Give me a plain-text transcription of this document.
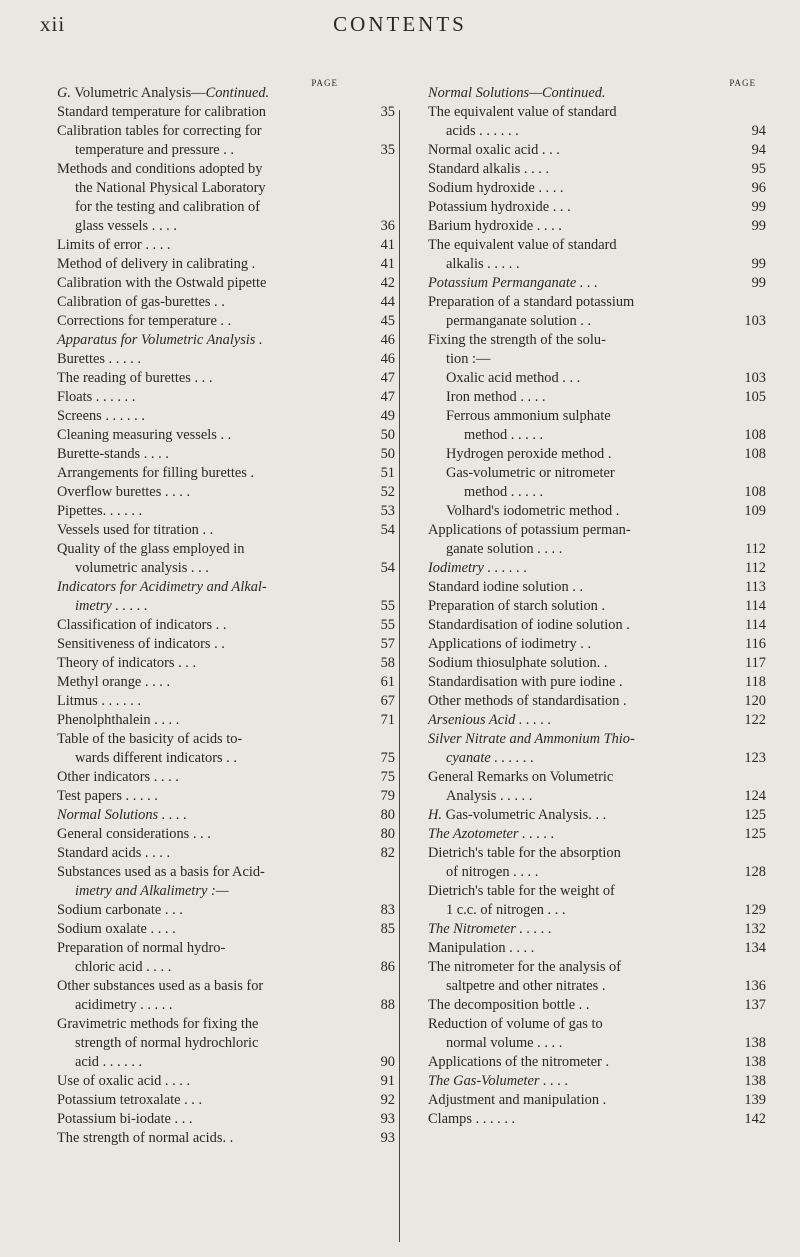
xii	CONTENTS
PAGE
G. Volumetric Analysis—Continued.
Standard temperature for calibration	35
Calibration tables for correcting for
temperature and pressure . .	35
Methods and conditions adopted by
the National Physical Laboratory
for the testing and calibration of
glass vessels . . . .	36
Limits of error . . . .	41
Method of delivery in calibrating .	41
Calibration with the Ostwald pipette	42
Calibration of gas-burettes . .	44
Corrections for temperature . .	45
Apparatus for Volumetric Analysis .	46
Burettes . . . . .	46
The reading of burettes . . .	47
Floats . . . . . .	47
Screens . . . . . .	49
Cleaning measuring vessels . .	50
Burette-stands . . . .	50
Arrangements for filling burettes .	51
Overflow burettes . . . .	52
Pipettes. . . . . .	53
Vessels used for titration . .	54
Quality of the glass employed in
volumetric analysis . . .	54
Indicators for Acidimetry and Alkal-
imetry . . . . .	55
Classification of indicators . .	55
Sensitiveness of indicators . .	57
Theory of indicators . . .	58
Methyl orange . . . .	61
Litmus . . . . . .	67
Phenolphthalein . . . .	71
Table of the basicity of acids to-
wards different indicators . .	75
Other indicators . . . .	75
Test papers . . . . .	79
Normal Solutions . . . .	80
General considerations . . .	80
Standard acids . . . .	82
Substances used as a basis for Acid-
imetry and Alkalimetry :—
Sodium carbonate . . .	83
Sodium oxalate . . . .	85
Preparation of normal hydro-
chloric acid . . . .	86
Other substances used as a basis for
acidimetry . . . . .	88
Gravimetric methods for fixing the
strength of normal hydrochloric
acid . . . . . .	90
Use of oxalic acid . . . .	91
Potassium tetroxalate . . .	92
Potassium bi-iodate . . .	93
The strength of normal acids. .	93
PAGE
Normal Solutions—Continued.
The equivalent value of standard
acids . . . . . .	94
Normal oxalic acid . . .	94
Standard alkalis . . . .	95
Sodium hydroxide . . . .	96
Potassium hydroxide . . .	99
Barium hydroxide . . . .	99
The equivalent value of standard
alkalis . . . . .	99
Potassium Permanganate . . .	99
Preparation of a standard potassium
permanganate solution . .	103
Fixing the strength of the solu-
tion :—
Oxalic acid method . . .	103
Iron method . . . .	105
Ferrous ammonium sulphate
method . . . . .	108
Hydrogen peroxide method .	108
Gas-volumetric or nitrometer
method . . . . .	108
Volhard's iodometric method .	109
Applications of potassium perman-
ganate solution . . . .	112
Iodimetry . . . . . .	112
Standard iodine solution . .	113
Preparation of starch solution .	114
Standardisation of iodine solution .	114
Applications of iodimetry . .	116
Sodium thiosulphate solution. .	117
Standardisation with pure iodine .	118
Other methods of standardisation .	120
Arsenious Acid . . . . .	122
Silver Nitrate and Ammonium Thio-
cyanate . . . . . .	123
General Remarks on Volumetric
Analysis . . . . .	124
H. Gas-volumetric Analysis. . .	125
The Azotometer . . . . .	125
Dietrich's table for the absorption
of nitrogen . . . .	128
Dietrich's table for the weight of
1 c.c. of nitrogen . . .	129
The Nitrometer . . . . .	132
Manipulation . . . .	134
The nitrometer for the analysis of
saltpetre and other nitrates .	136
The decomposition bottle . .	137
Reduction of volume of gas to
normal volume . . . .	138
Applications of the nitrometer .	138
The Gas-Volumeter . . . .	138
Adjustment and manipulation .	139
Clamps . . . . . .	142
